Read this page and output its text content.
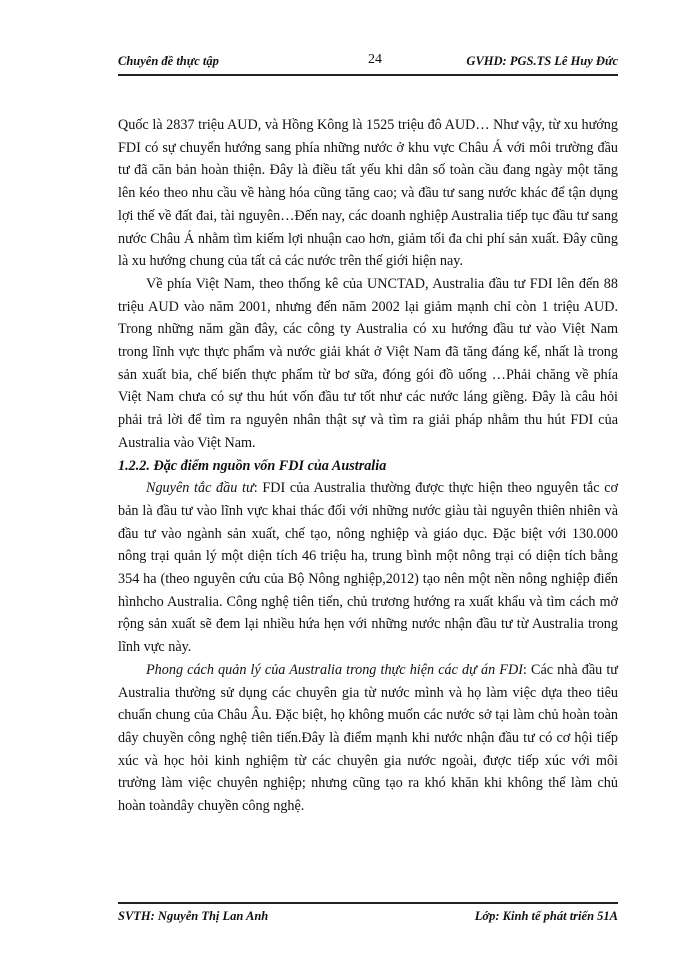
Chuyên đề thực tập	24	GVHD: PGS.TS Lê Huy Đức

Quốc là 2837 triệu AUD, và Hồng Kông là 1525 triệu đô AUD… Như vậy, từ xu hướng FDI có sự chuyển hướng sang phía những nước ở khu vực Châu Á với môi trường đầu tư đã căn bản hoàn thiện. Đây là điều tất yếu khi dân số toàn cầu đang ngày một tăng lên kéo theo nhu cầu về hàng hóa cũng tăng cao; và đầu tư sang nước khác để tận dụng lợi thế về đất đai, tài nguyên…Đến nay, các doanh nghiệp Australia tiếp tục đầu tư sang nước Châu Á nhằm tìm kiếm lợi nhuận cao hơn, giảm tối đa chi phí sản xuất. Đây cũng là xu hướng chung của tất cả các nước trên thế giới hiện nay.

Về phía Việt Nam, theo thống kê của UNCTAD, Australia đầu tư FDI lên đến 88 triệu AUD vào năm 2001, nhưng đến năm 2002 lại giảm mạnh chỉ còn 1 triệu AUD. Trong những năm gần đây, các công ty Australia có xu hướng đầu tư vào Việt Nam trong lĩnh vực thực phẩm và nước giải khát ở Việt Nam đã tăng đáng kể, nhất là trong sản xuất bia, chế biến thực phẩm từ bơ sữa, đóng gói đồ uống …Phải chăng về phía Việt Nam chưa có sự thu hút vốn đầu tư tốt như các nước láng giềng. Đây là câu hỏi phải trả lời để tìm ra nguyên nhân thật sự và tìm ra giải pháp nhằm thu hút FDI của Australia vào Việt Nam.

1.2.2. Đặc điểm nguồn vốn FDI của Australia

Nguyên tắc đầu tư: FDI của Australia thường được thực hiện theo nguyên tắc cơ bản là đầu tư vào lĩnh vực khai thác đối với những nước giàu tài nguyên thiên nhiên và đầu tư vào ngành sản xuất, chế tạo, nông nghiệp và giáo dục. Đặc biệt với 130.000 nông trại quản lý một diện tích 46 triệu ha, trung bình một nông trại có diện tích bằng 354 ha (theo nguyên cứu của Bộ Nông nghiệp,2012) tạo nên một nền nông nghiệp điển hìnhcho Australia. Công nghệ tiên tiến, chủ trương hướng ra xuất khẩu và tìm cách mở rộng sản xuất sẽ đem lại nhiều hứa hẹn với những nước nhận đầu tư từ Australia trong lĩnh vực này.

Phong cách quản lý của Australia trong thực hiện các dự án FDI: Các nhà đầu tư Australia thường sử dụng các chuyên gia từ nước mình và họ làm việc dựa theo tiêu chuẩn chung của Châu Âu. Đặc biệt, họ không muốn các nước sở tại làm chủ hoàn toàn dây chuyền công nghệ tiên tiến.Đây là điểm mạnh khi nước nhận đầu tư có cơ hội tiếp xúc và học hỏi kinh nghiệm từ các chuyên gia nước ngoài, được tiếp xúc với môi trường làm việc chuyên nghiệp; nhưng cũng tạo ra khó khăn khi không thể làm chủ hoàn toàndây chuyền công nghệ.

SVTH: Nguyễn Thị Lan Anh	Lớp: Kinh tế phát triển 51A
